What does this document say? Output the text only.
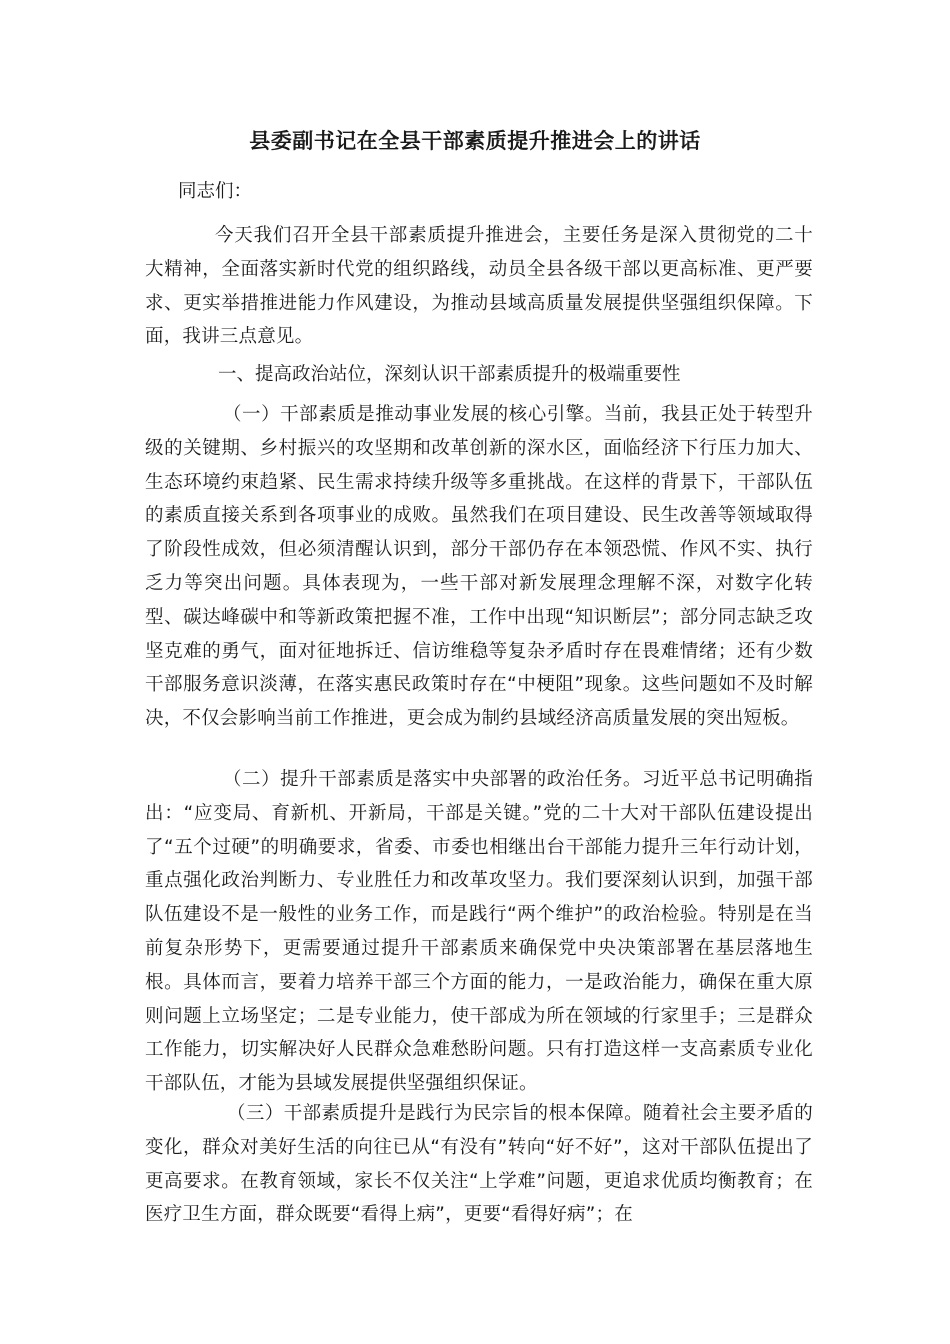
县委副书记在全县干部素质提升推进会上的讲话

同志们：

今天我们召开全县干部素质提升推进会，主要任务是深入贯彻党的二十大精神，全面落实新时代党的组织路线，动员全县各级干部以更高标准、更严要求、更实举措推进能力作风建设，为推动县域高质量发展提供坚强组织保障。下面，我讲三点意见。

一、提高政治站位，深刻认识干部素质提升的极端重要性

（一）干部素质是推动事业发展的核心引擎。当前，我县正处于转型升级的关键期、乡村振兴的攻坚期和改革创新的深水区，面临经济下行压力加大、生态环境约束趋紧、民生需求持续升级等多重挑战。在这样的背景下，干部队伍的素质直接关系到各项事业的成败。虽然我们在项目建设、民生改善等领域取得了阶段性成效，但必须清醒认识到，部分干部仍存在本领恐慌、作风不实、执行乏力等突出问题。具体表现为，一些干部对新发展理念理解不深，对数字化转型、碳达峰碳中和等新政策把握不准，工作中出现“知识断层”；部分同志缺乏攻坚克难的勇气，面对征地拆迁、信访维稳等复杂矛盾时存在畏难情绪；还有少数干部服务意识淡薄，在落实惠民政策时存在“中梗阻”现象。这些问题如不及时解决，不仅会影响当前工作推进，更会成为制约县域经济高质量发展的突出短板。

（二）提升干部素质是落实中央部署的政治任务。习近平总书记明确指出：“应变局、育新机、开新局，干部是关键。”党的二十大对干部队伍建设提出了“五个过硬”的明确要求，省委、市委也相继出台干部能力提升三年行动计划，重点强化政治判断力、专业胜任力和改革攻坚力。我们要深刻认识到，加强干部队伍建设不是一般性的业务工作，而是践行“两个维护”的政治检验。特别是在当前复杂形势下，更需要通过提升干部素质来确保党中央决策部署在基层落地生根。具体而言，要着力培养干部三个方面的能力，一是政治能力，确保在重大原则问题上立场坚定；二是专业能力，使干部成为所在领域的行家里手；三是群众工作能力，切实解决好人民群众急难愁盼问题。只有打造这样一支高素质专业化干部队伍，才能为县域发展提供坚强组织保证。

（三）干部素质提升是践行为民宗旨的根本保障。随着社会主要矛盾的变化，群众对美好生活的向往已从“有没有”转向“好不好”，这对干部队伍提出了更高要求。在教育领域，家长不仅关注“上学难”问题，更追求优质均衡教育；在医疗卫生方面，群众既要“看得上病”，更要“看得好病”；在
